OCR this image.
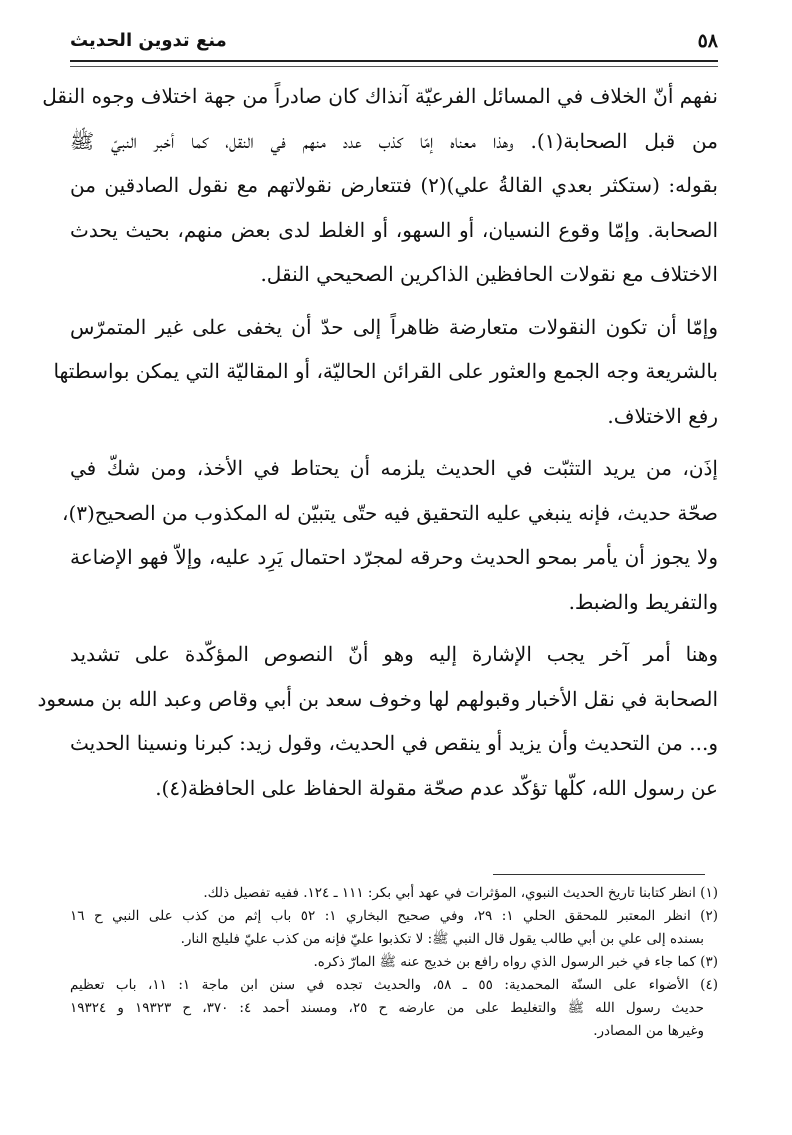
٥٨
منع تدوين الحديث
نفهم أنّ الخلاف في المسائل الفرعيّة آنذاك كان صادراً من جهة اختلاف وجوه النقل
من قبل الصحابة(١). وهذا معناه إمّا كذب عدد منهم في النقل، كما أخبر النبيّ ﷺ
بقوله: (ستكثر بعدي القالةُ علي)(٢) فتتعارض نقولاتهم مع نقول الصادقين من
الصحابة. وإمّا وقوع النسيان، أو السهو، أو الغلط لدى بعض منهم، بحيث يحدث
الاختلاف مع نقولات الحافظين الذاكرين الصحيحي النقل.
وإمّا أن تكون النقولات متعارضة ظاهراً إلى حدّ أن يخفى على غير المتمرّس
بالشريعة وجه الجمع والعثور على القرائن الحاليّة، أو المقاليّة التي يمكن بواسطتها
رفع الاختلاف.
إذَن، من يريد التثبّت في الحديث يلزمه أن يحتاط في الأخذ، ومن شكّ في
صحّة حديث، فإنه ينبغي عليه التحقيق فيه حتّى يتبيّن له المكذوب من الصحيح(٣)،
ولا يجوز أن يأمر بمحو الحديث وحرقه لمجرّد احتمال يَرِد عليه، وإلاّ فهو الإضاعة
والتفريط والضبط.
وهنا أمر آخر يجب الإشارة إليه وهو أنّ النصوص المؤكّدة على تشديد
الصحابة في نقل الأخبار وقبولهم لها وخوف سعد بن أبي وقاص وعبد الله بن مسعود
و... من التحديث وأن يزيد أو ينقص في الحديث، وقول زيد: كبرنا ونسينا الحديث
عن رسول الله، كلّها تؤكّد عدم صحّة مقولة الحفاظ على الحافظة(٤).
(١) انظر كتابنا تاريخ الحديث النبوي، المؤثرات في عهد أبي بكر: ١١١ ـ ١٢٤. ففيه تفصيل ذلك.
(٢) انظر المعتبر للمحقق الحلي ١: ٢٩، وفي صحيح البخاري ١: ٥٢ باب إثم من كذب على النبي ح ١٦
بسنده إلى علي بن أبي طالب يقول قال النبي ﷺ: لا تكذبوا عليّ فإنه من كذب عليّ فليلج النار.
(٣) كما جاء في خبر الرسول الذي رواه رافع بن خديج عنه ﷺ المارّ ذكره.
(٤) الأضواء على السنّة المحمدية: ٥٥ ـ ٥٨، والحديث تجده في سنن ابن ماجة ١: ١١، باب تعظيم
حديث رسول الله ﷺ والتغليط على من عارضه ح ٢٥، ومسند أحمد ٤: ٣٧٠، ح ١٩٣٢٣ و ١٩٣٢٤
وغيرها من المصادر.
